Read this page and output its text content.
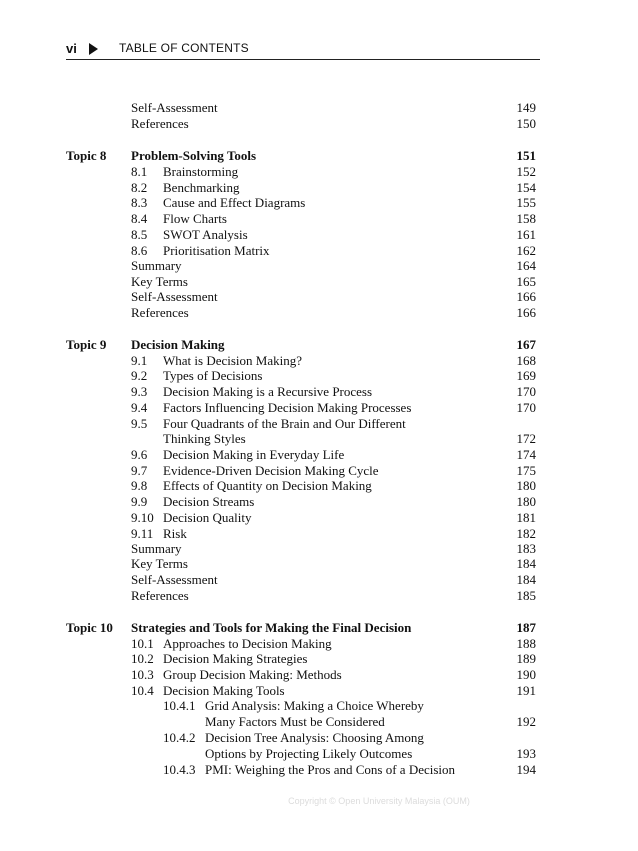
vi	TABLE OF CONTENTS
Self-Assessment	149
References	150
Topic 8 Problem-Solving Tools	151
8.1 Brainstorming	152
8.2 Benchmarking	154
8.3 Cause and Effect Diagrams	155
8.4 Flow Charts	158
8.5 SWOT Analysis	161
8.6 Prioritisation Matrix	162
Summary	164
Key Terms	165
Self-Assessment	166
References	166
Topic 9 Decision Making	167
9.1 What is Decision Making?	168
9.2 Types of Decisions	169
9.3 Decision Making is a Recursive Process	170
9.4 Factors Influencing Decision Making Processes	170
9.5 Four Quadrants of the Brain and Our Different
Thinking Styles	172
9.6 Decision Making in Everyday Life	174
9.7 Evidence-Driven Decision Making Cycle	175
9.8 Effects of Quantity on Decision Making	180
9.9 Decision Streams	180
9.10 Decision Quality	181
9.11 Risk	182
Summary	183
Key Terms	184
Self-Assessment	184
References	185
Topic 10 Strategies and Tools for Making the Final Decision	187
10.1 Approaches to Decision Making	188
10.2 Decision Making Strategies	189
10.3 Group Decision Making: Methods	190
10.4 Decision Making Tools	191
10.4.1 Grid Analysis: Making a Choice Whereby
Many Factors Must be Considered	192
10.4.2 Decision Tree Analysis: Choosing Among
Options by Projecting Likely Outcomes	193
10.4.3 PMI: Weighing the Pros and Cons of a Decision	194
Copyright © Open University Malaysia (OUM)
